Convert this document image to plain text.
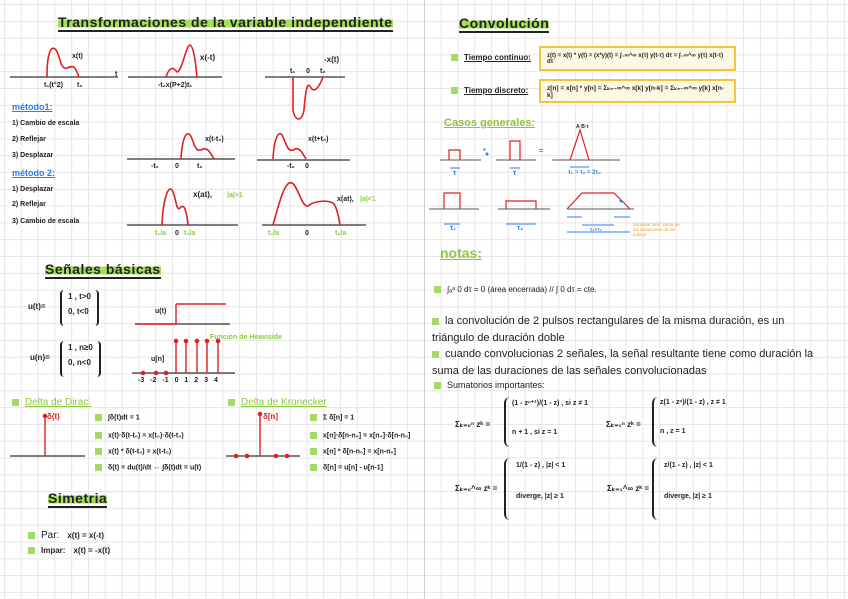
Transformaciones de la variable independiente
x(t)
t₁(t°2) t₂
t
x(-t)
-t₂x(P+2)t₁
-x(t)
t₁ 0 t₂
método1:
1) Cambio de escala
2) Reflejar
3) Desplazar
método 2:
1) Desplazar
2) Reflejar
3) Cambio de escala
x(t-t₀)
-t₀ 0	t₀
x(t+t₀)
-t₀ 0
x(at), |a|>1
x(at), |a|<1
t₁/a 0 t₂/a	t₁/a	0	t₂/a
Señales básicas
u(t)=
1 , t>0
0, t<0
u(n)=
1 , n≥0
0, n<0
u(t)
Función de Heaviside
u[n]
-3 -2 -1 0 1 2 3 4
Delta de Dirac:
δ(t)	∫δ(t)dt = 1
x(t)·δ(t-t₀) = x(t₀)·δ(t-t₀)
x(t) * δ(t-t₀) = x(t-t₀)
δ(t) = du(t)/dt ⇔ ∫δ(t)dt = u(t)
Delta de Kronecker
δ[n]	Σ δ[n] = 1
x[n]·δ[n-n₀] = x[n₀]·δ[n-n₀]
x[n] * δ[n-n₀] = x[n-n₀]
δ[n] = u[n] - u[n-1]
Simetria
Par: x(t) = x(-t)
Impar: x(t) = -x(t)
Convolución
Tiempo continuo:	z(t) = x(t) * y(t) = (x*y)(t) = ∫₋∞^∞ x(τ) y(t-τ) dτ = ∫₋∞^∞ y(τ) x(t-τ) dτ
Tiempo discreto:	z[n] = x[n] * y[n] = Σₖ₌₋∞^∞ x[k] y[n-k] = Σₖ₌₋∞^∞ y[k] x[n-k]
Casos generales:
*	=
τ	τ	τ₁ = τ₂ = 2τ₀
A·B·τ
τ₁	τ₂	τ₁+τ₂
duración total: suma de las duraciones de los pulsos
notas:
∫ₐᵃ 0 dτ = 0 (área encerrada) // ∫ 0 dτ = cte.
la convolución de 2 pulsos rectangulares de la misma duración, es un triángulo de duración doble
cuando convolucionas 2 señales, la señal resultante tiene como duración la suma de las duraciones de las señales convolucionadas
Sumatorios importantes:
Σₖ₌₀ⁿ zᵏ =
(1 - zⁿ⁺¹)/(1 - z) , si z ≠ 1
n + 1 , si z = 1
Σₖ₌₁ⁿ zᵏ =
z(1 - zⁿ)/(1 - z) , z ≠ 1
n , z = 1
Σₖ₌₀^∞ zᵏ =
1/(1 - z) , |z| < 1
diverge, |z| ≥ 1
Σₖ₌₁^∞ zᵏ =
z/(1 - z) , |z| < 1
diverge, |z| ≥ 1
